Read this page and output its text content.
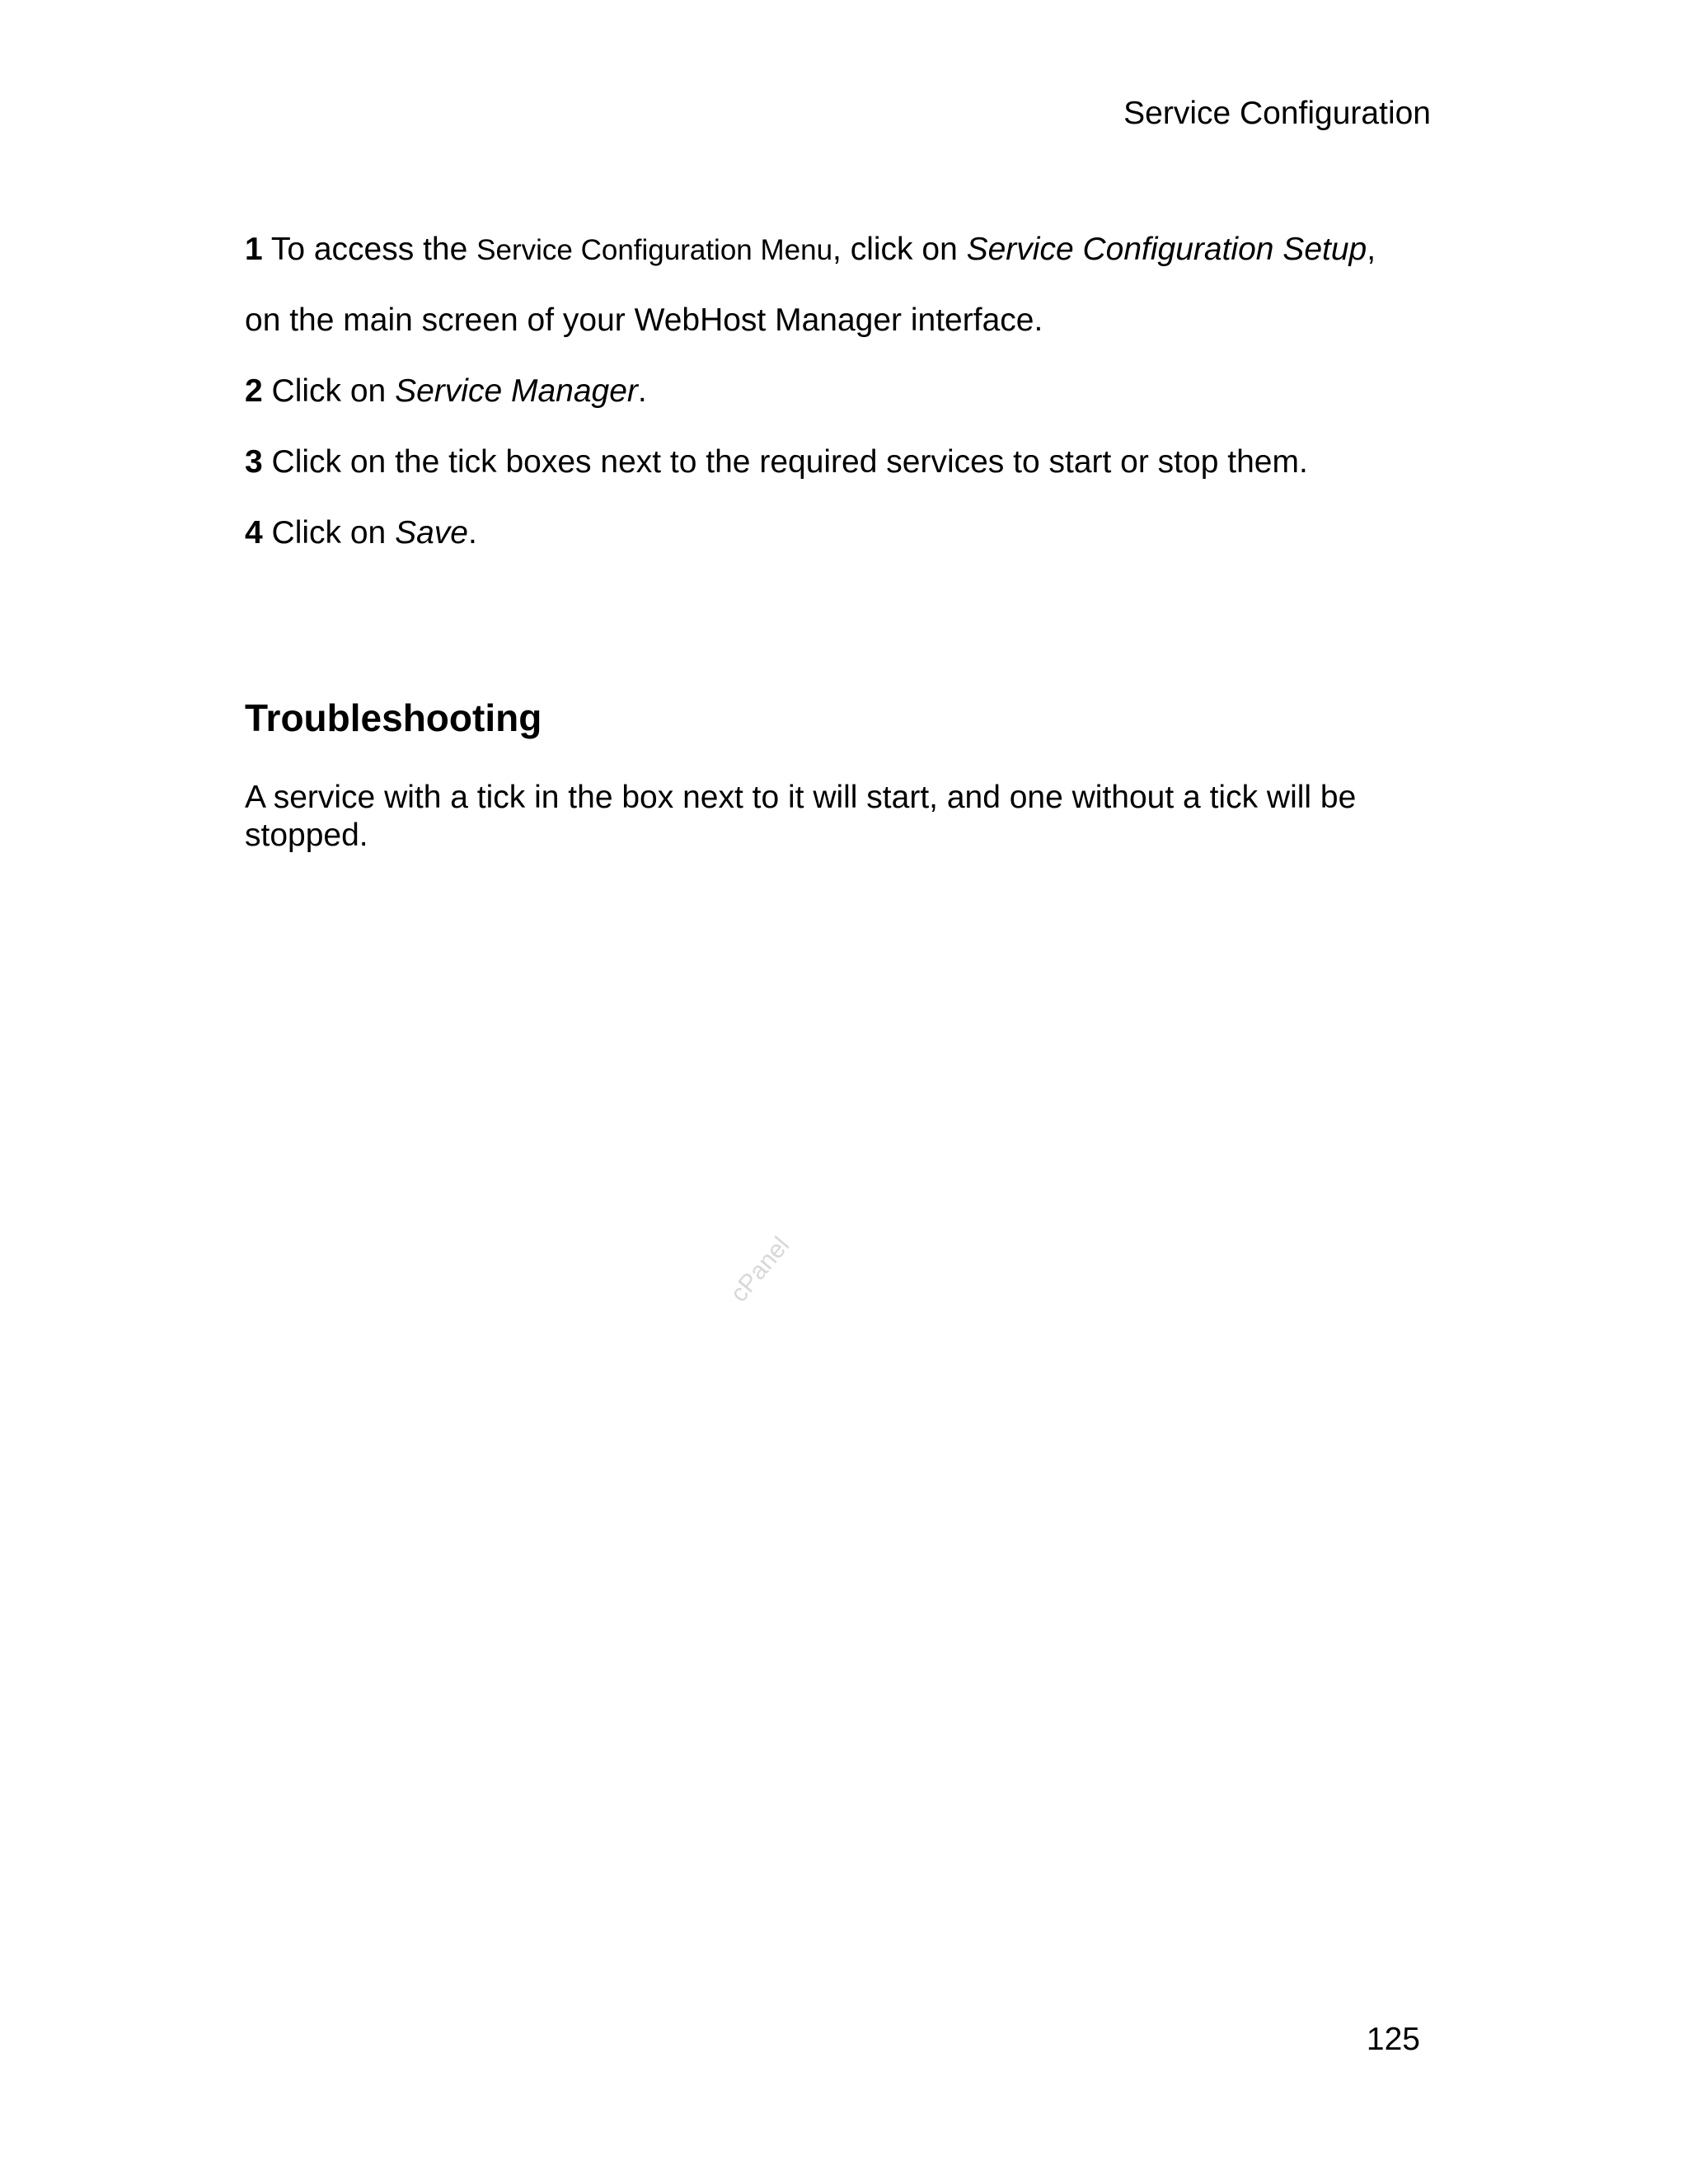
Service Configuration
1 To access the Service Configuration Menu, click on Service Configuration Setup,
on the main screen of your WebHost Manager interface.
2 Click on Service Manager.
3 Click on the tick boxes next to the required services to start or stop them.
4 Click on Save.
Troubleshooting
A service with a tick in the box next to it will start, and one without a tick will be stopped.
cPanel
125
